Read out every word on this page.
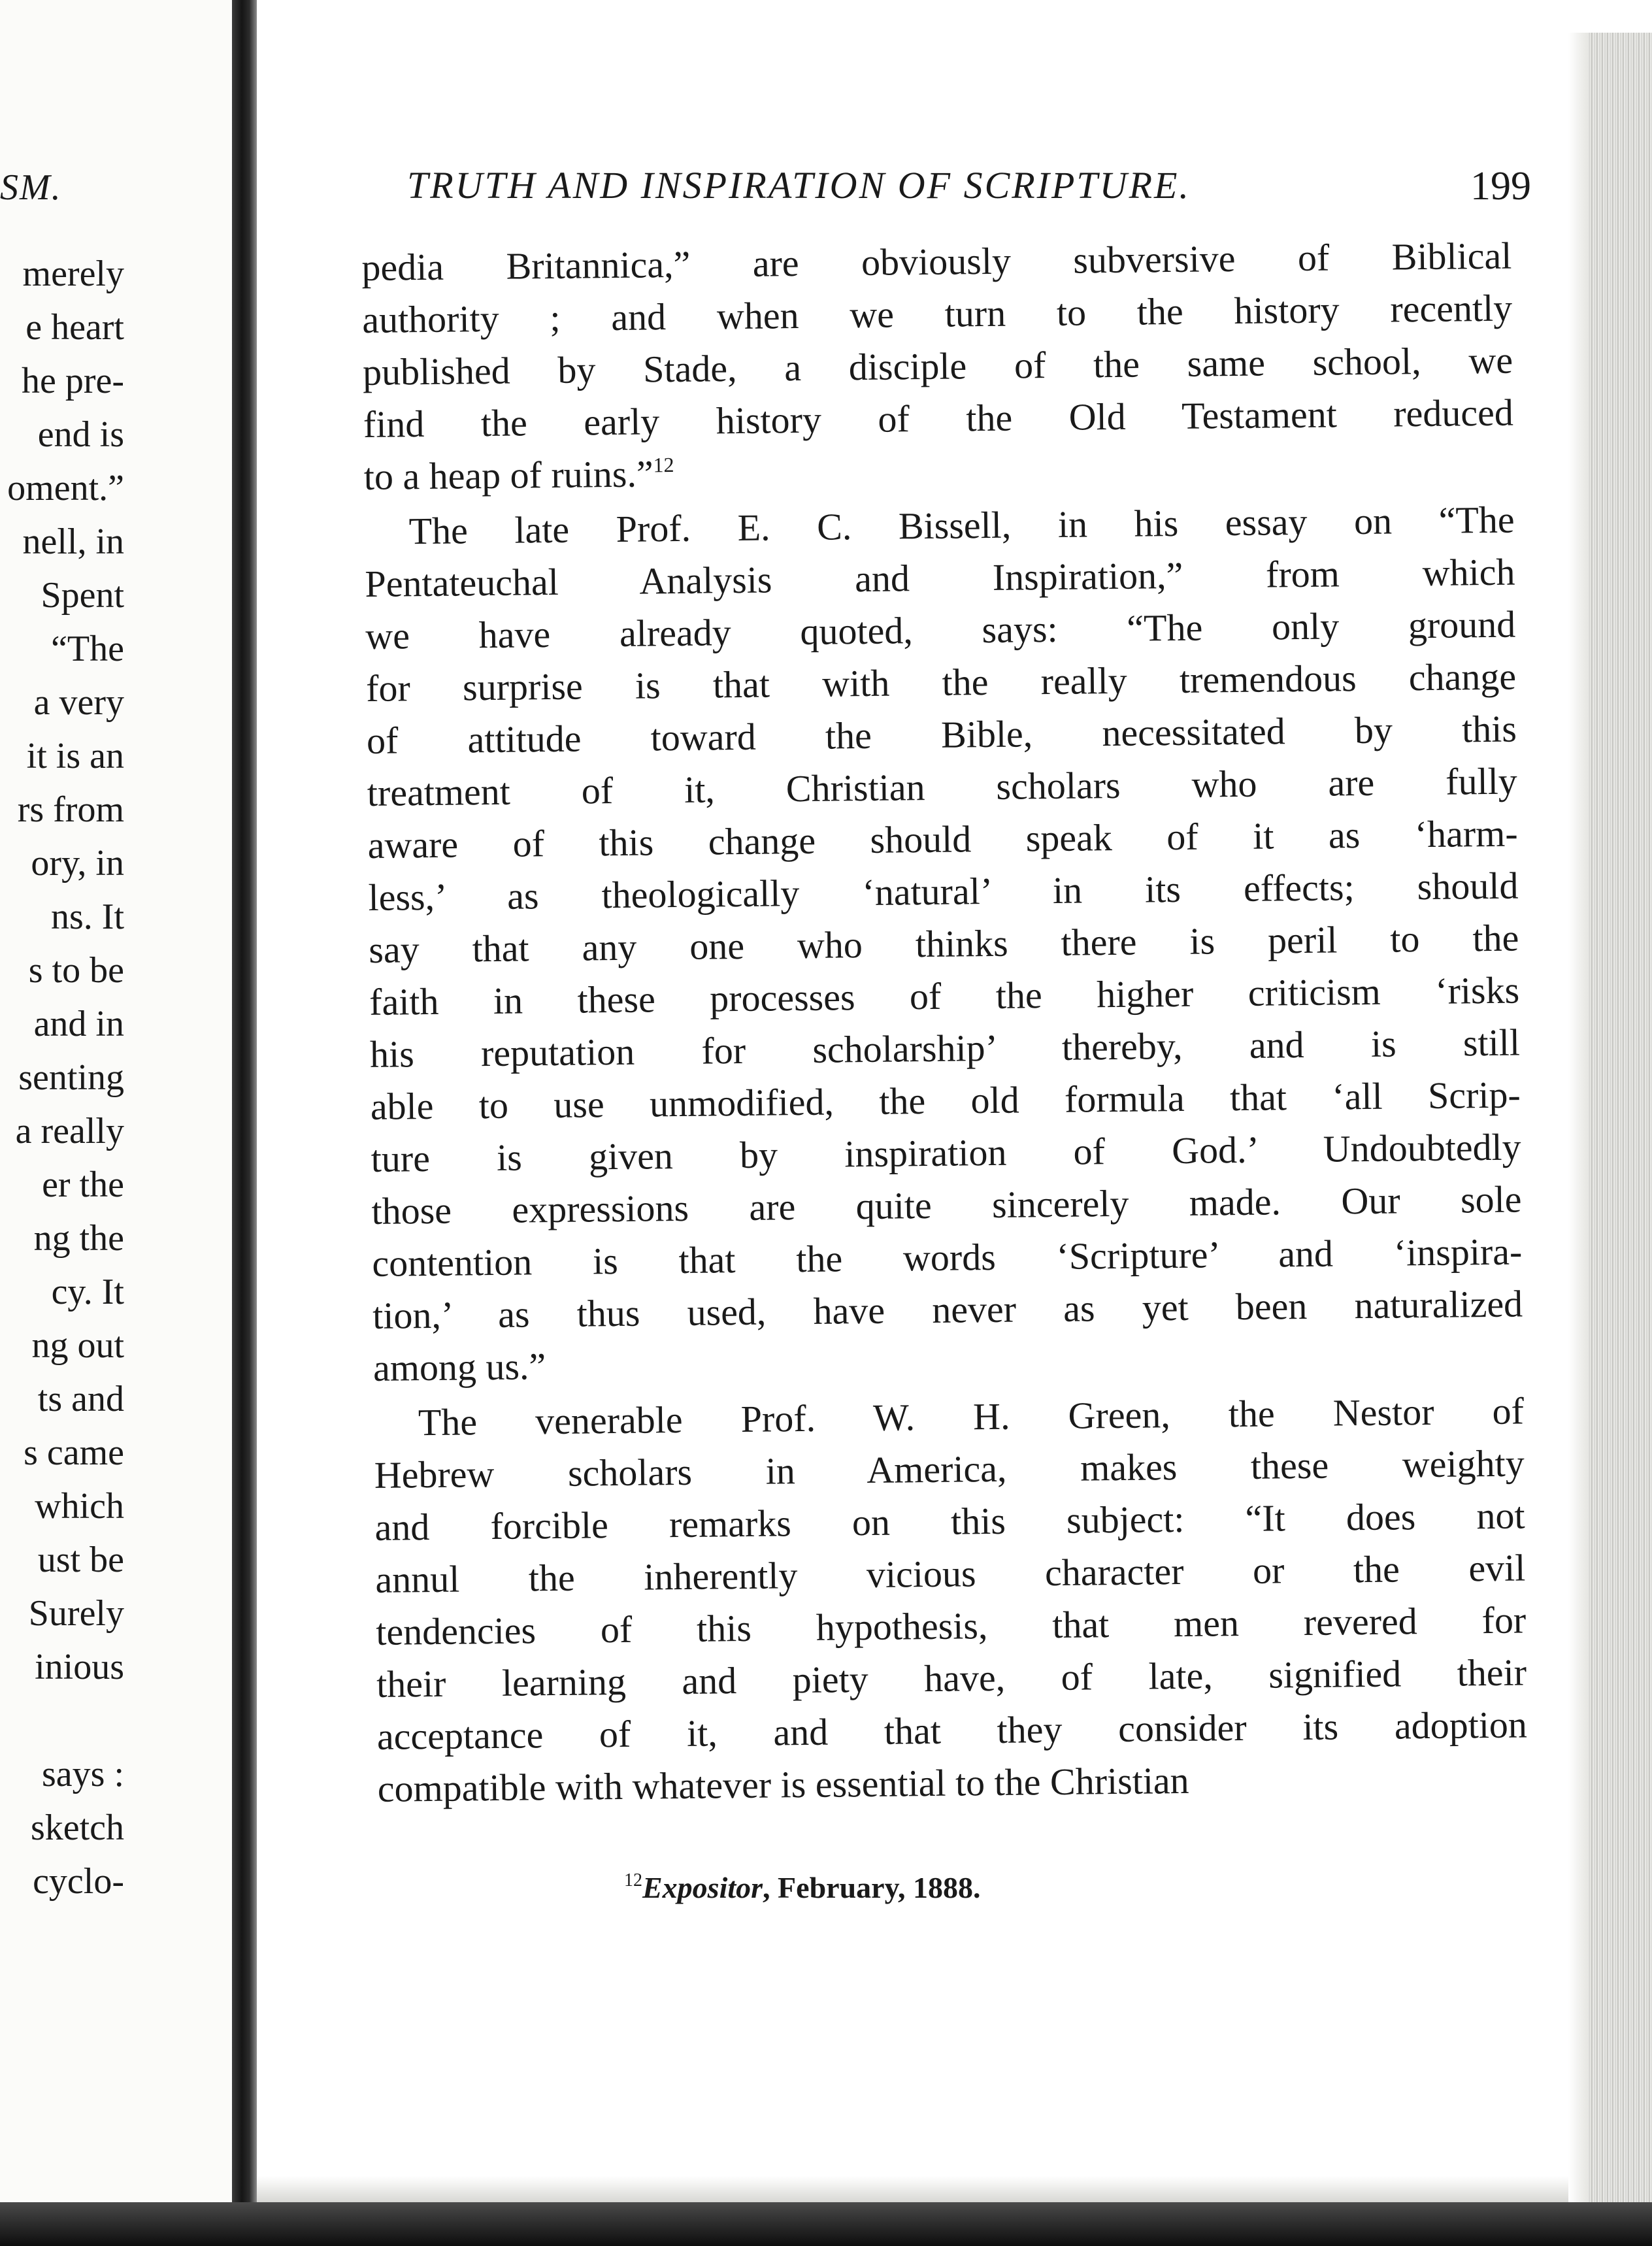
SM.
merely
e heart
he pre-
end is
oment.”
nell, in
Spent
“The
a very
it is an
rs from
ory, in
ns. It
s to be
and in
senting
a really
er the
ng the
cy. It
ng out
ts and
s came
which
ust be
Surely
inious
says :
sketch
cyclo-
TRUTH AND INSPIRATION OF SCRIPTURE.	199
pedia Britannica,” are obviously subversive of Biblical
authority ; and when we turn to the history recently
published by Stade, a disciple of the same school, we
find the early history of the Old Testament reduced
to a heap of ruins.”$^{12}$
The late Prof. E. C. Bissell, in his essay on “The
Pentateuchal Analysis and Inspiration,” from which
we have already quoted, says: “The only ground
for surprise is that with the really tremendous change
of attitude toward the Bible, necessitated by this
treatment of it, Christian scholars who are fully
aware of this change should speak of it as ‘harm-
less,’ as theologically ‘natural’ in its effects; should
say that any one who thinks there is peril to the
faith in these processes of the higher criticism ‘risks
his reputation for scholarship’ thereby, and is still
able to use unmodified, the old formula that ‘all Scrip-
ture is given by inspiration of God.’ Undoubtedly
those expressions are quite sincerely made. Our sole
contention is that the words ‘Scripture’ and ‘inspira-
tion,’ as thus used, have never as yet been naturalized
among us.”
The venerable Prof. W. H. Green, the Nestor of
Hebrew scholars in America, makes these weighty
and forcible remarks on this subject: “It does not
annul the inherently vicious character or the evil
tendencies of this hypothesis, that men revered for
their learning and piety have, of late, signified their
acceptance of it, and that they consider its adoption
compatible with whatever is essential to the Christian
$^{12}$Expositor, February, 1888.
